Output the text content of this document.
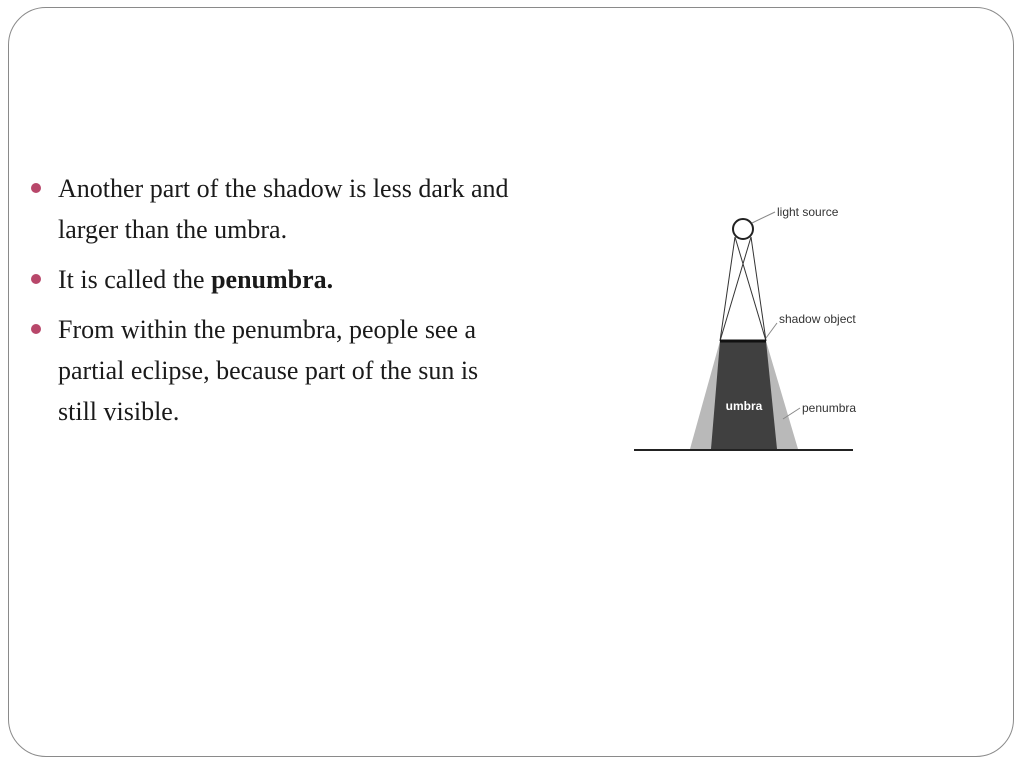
Another part of the shadow is less dark and larger than the umbra.
It is called the penumbra.
From within the penumbra, people see a partial eclipse, because part of the sun is still visible.
light source
shadow object
umbra	penumbra
